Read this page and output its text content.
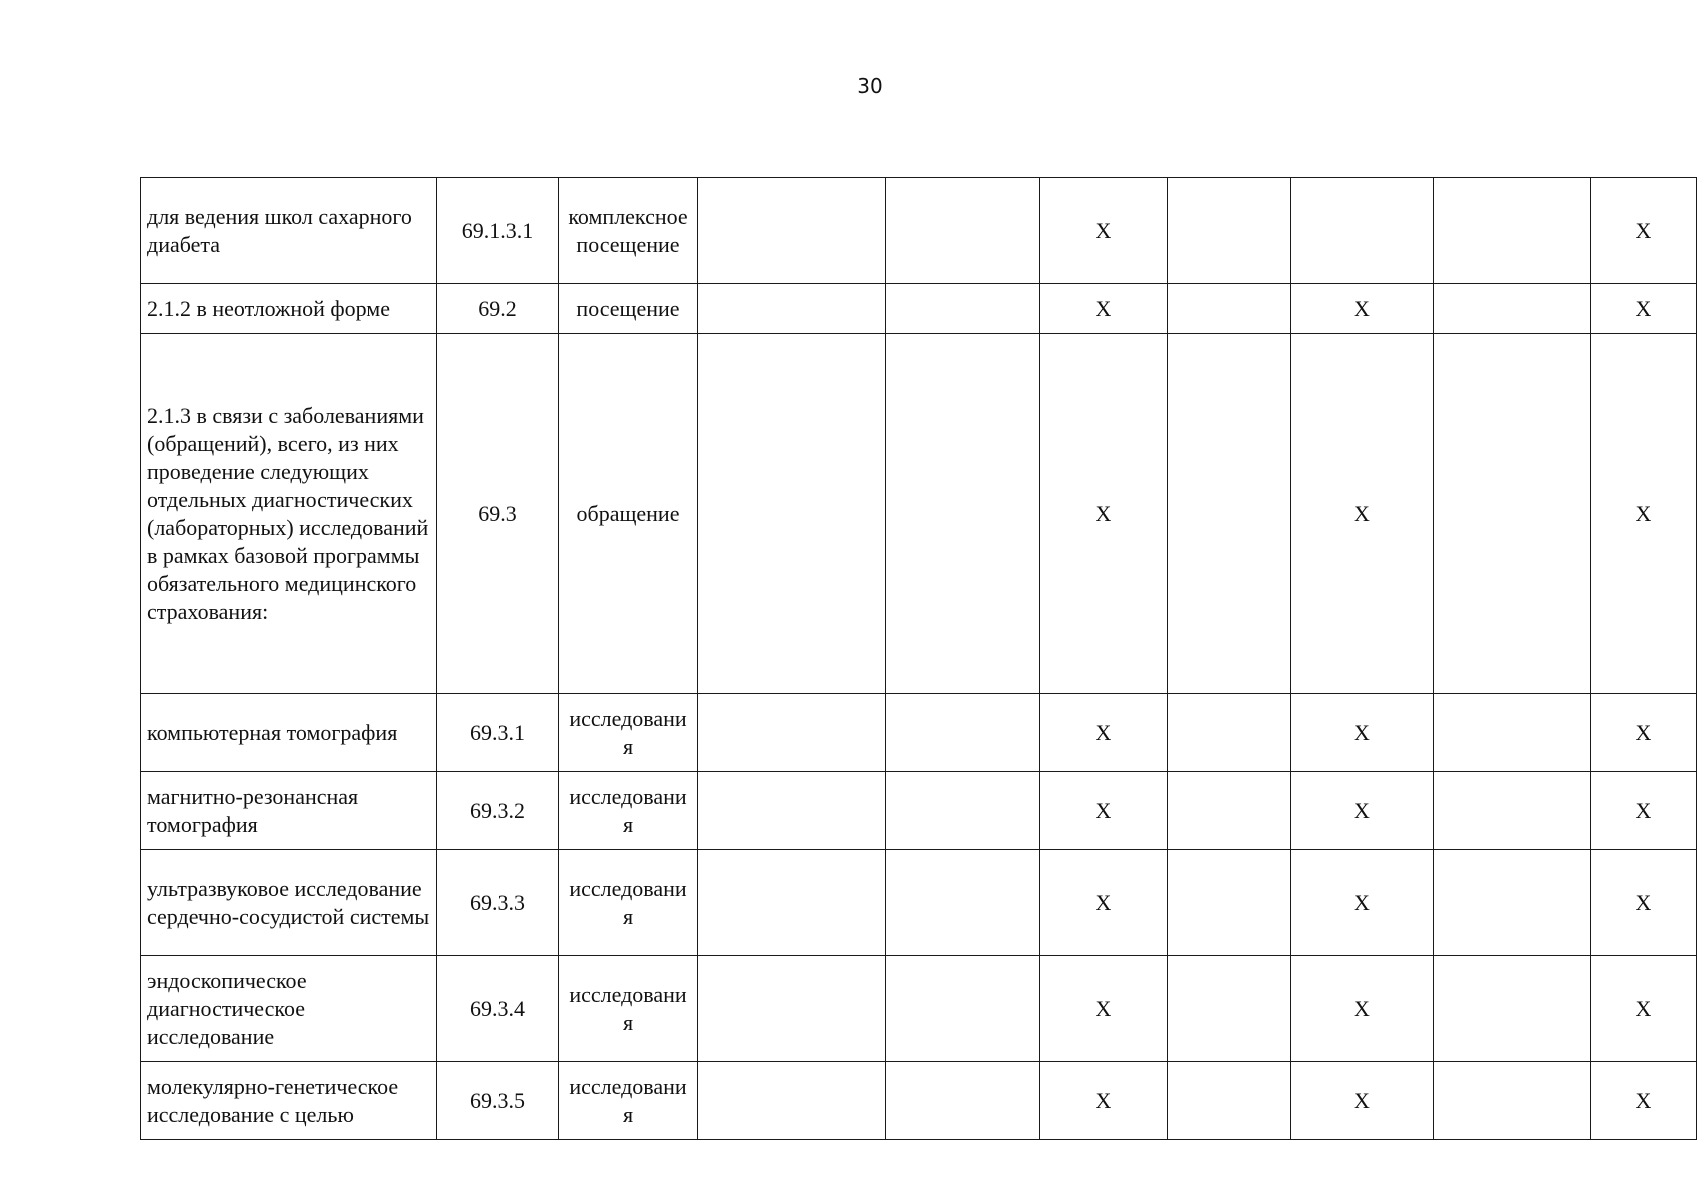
30
для ведения школ сахарного диабета	69.1.3.1	комплексное посещение			X				X
2.1.2 в неотложной форме	69.2	посещение			X		X		X
2.1.3 в связи с заболеваниями (обращений), всего, из них проведение следующих отдельных диагностических (лабораторных) исследований в рамках базовой программы обязательного медицинского страхования:	69.3	обращение			X		X		X
компьютерная томография	69.3.1	исследования			X		X		X
магнитно-резонансная томография	69.3.2	исследования			X		X		X
ультразвуковое исследование сердечно-сосудистой системы	69.3.3	исследования			X		X		X
эндоскопическое диагностическое исследование	69.3.4	исследования			X		X		X
молекулярно-генетическое исследование с целью	69.3.5	исследования			X		X		X
